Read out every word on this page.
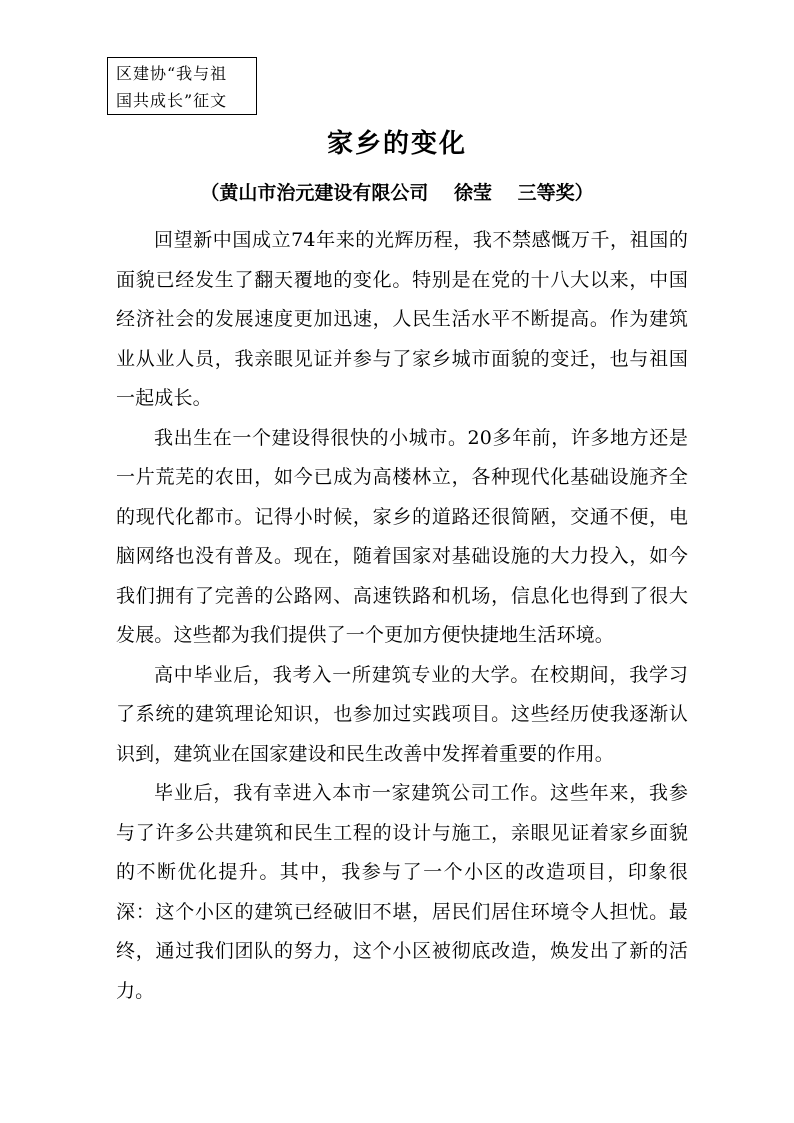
区建协“我与祖
国共成长”征文
家乡的变化
（黄山市治元建设有限公司　 徐莹　 三等奖）

回望新中国成立74年来的光辉历程，我不禁感慨万千，祖国的面貌已经发生了翻天覆地的变化。特别是在党的十八大以来，中国经济社会的发展速度更加迅速，人民生活水平不断提高。作为建筑业从业人员，我亲眼见证并参与了家乡城市面貌的变迁，也与祖国一起成长。

我出生在一个建设得很快的小城市。20多年前，许多地方还是一片荒芜的农田，如今已成为高楼林立，各种现代化基础设施齐全的现代化都市。记得小时候，家乡的道路还很简陋，交通不便，电脑网络也没有普及。现在，随着国家对基础设施的大力投入，如今我们拥有了完善的公路网、高速铁路和机场，信息化也得到了很大发展。这些都为我们提供了一个更加方便快捷地生活环境。

高中毕业后，我考入一所建筑专业的大学。在校期间，我学习了系统的建筑理论知识，也参加过实践项目。这些经历使我逐渐认识到，建筑业在国家建设和民生改善中发挥着重要的作用。

毕业后，我有幸进入本市一家建筑公司工作。这些年来，我参与了许多公共建筑和民生工程的设计与施工，亲眼见证着家乡面貌的不断优化提升。其中，我参与了一个小区的改造项目，印象很深：这个小区的建筑已经破旧不堪，居民们居住环境令人担忧。最终，通过我们团队的努力，这个小区被彻底改造，焕发出了新的活力。
